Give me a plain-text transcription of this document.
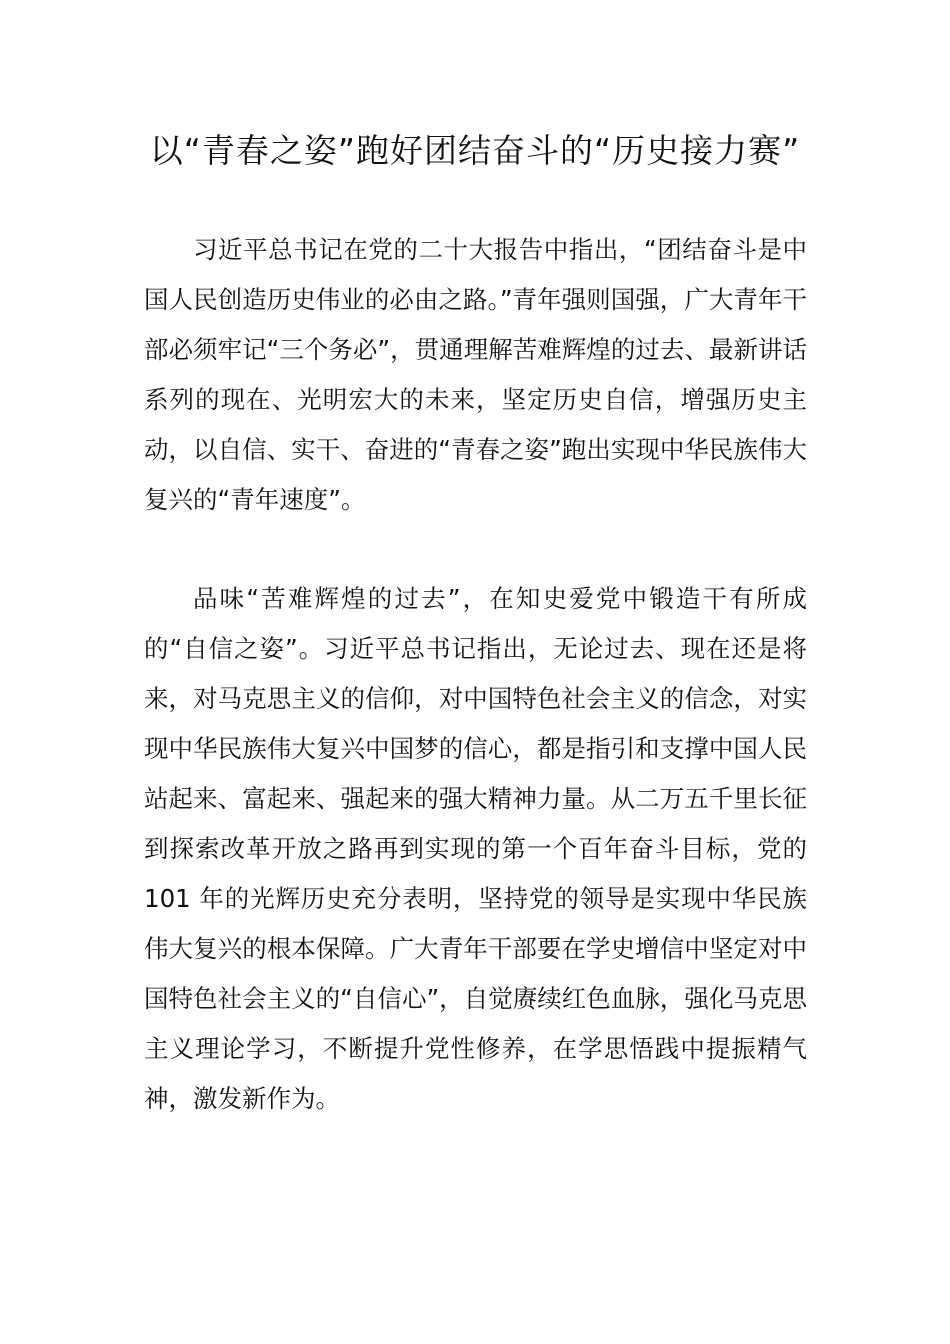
以“青春之姿”跑好团结奋斗的“历史接力赛”

习近平总书记在党的二十大报告中指出，“团结奋斗是中国人民创造历史伟业的必由之路。”青年强则国强，广大青年干部必须牢记“三个务必”，贯通理解苦难辉煌的过去、最新讲话系列的现在、光明宏大的未来，坚定历史自信，增强历史主动，以自信、实干、奋进的“青春之姿”跑出实现中华民族伟大复兴的“青年速度”。

品味“苦难辉煌的过去”，在知史爱党中锻造干有所成的“自信之姿”。习近平总书记指出，无论过去、现在还是将来，对马克思主义的信仰，对中国特色社会主义的信念，对实现中华民族伟大复兴中国梦的信心，都是指引和支撑中国人民站起来、富起来、强起来的强大精神力量。从二万五千里长征到探索改革开放之路再到实现的第一个百年奋斗目标，党的 101 年的光辉历史充分表明，坚持党的领导是实现中华民族伟大复兴的根本保障。广大青年干部要在学史增信中坚定对中国特色社会主义的“自信心”，自觉赓续红色血脉，强化马克思主义理论学习，不断提升党性修养，在学思悟践中提振精气神，激发新作为。
